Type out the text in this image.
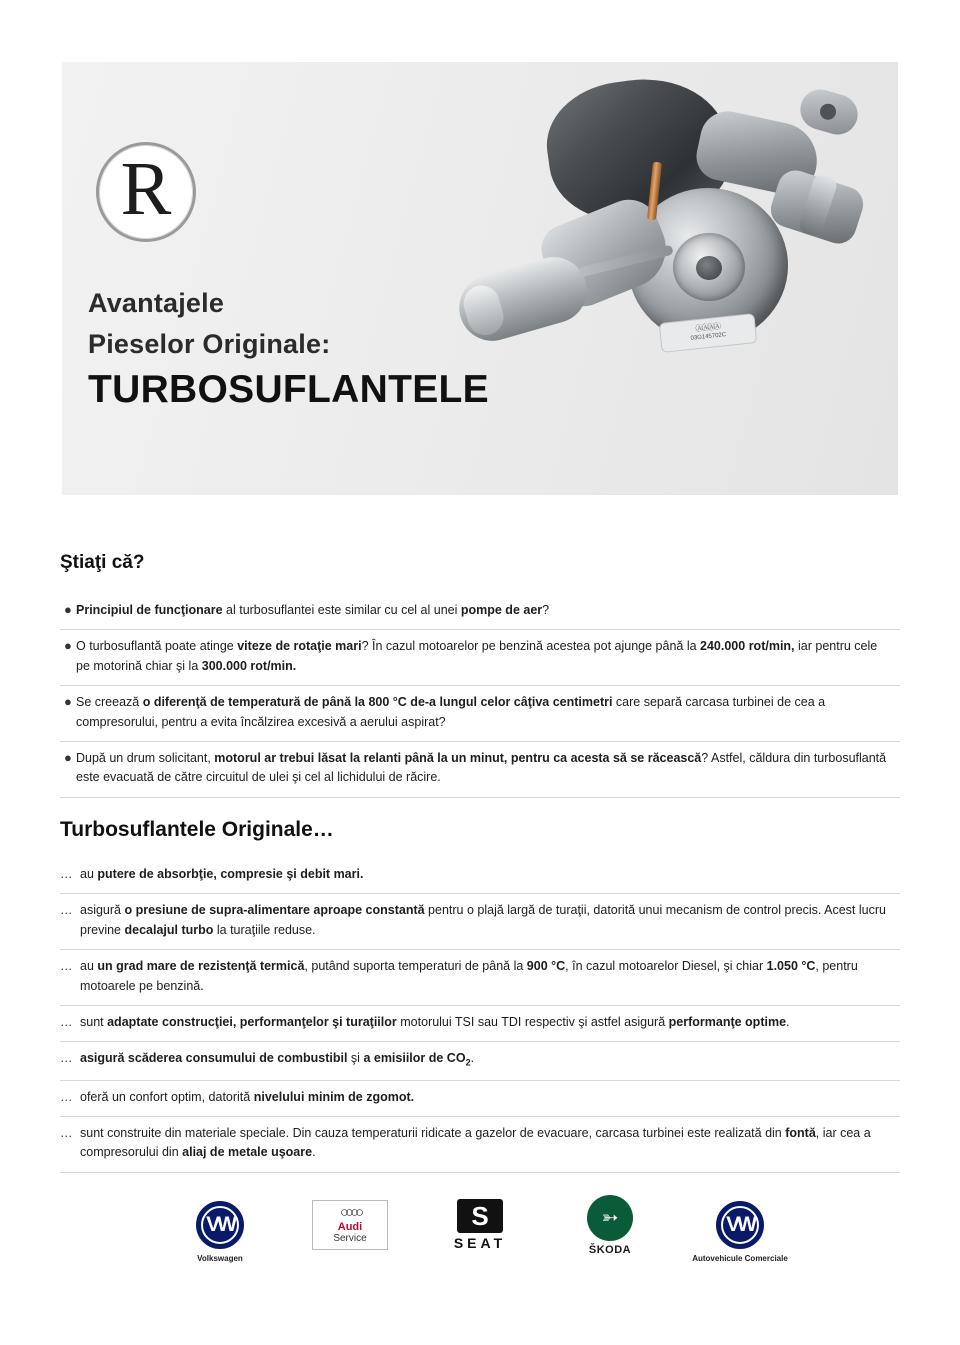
ⒶⒶⒶⒶ
03G145702C
R
Avantajele
Pieselor Originale:
TURBOSUFLANTELE
Ştiaţi că?
● Principiul de funcţionare al turbosuflantei este similar cu cel al unei pompe de aer?
● O turbosuflantă poate atinge viteze de rotaţie mari? În cazul motoarelor pe benzină acestea pot ajunge până la 240.000 rot/min, iar pentru cele pe motorină chiar şi la 300.000 rot/min.
● Se creează o diferenţă de temperatură de până la 800 °C de-a lungul celor câţiva centimetri care separă carcasa turbinei de cea a compresorului, pentru a evita încălzirea excesivă a aerului aspirat?
● După un drum solicitant, motorul ar trebui lăsat la relanti până la un minut, pentru ca acesta să se răcească? Astfel, căldura din turbosuflantă este evacuată de către circuitul de ulei şi cel al lichidului de răcire.
Turbosuflantele Originale…
… au putere de absorbţie, compresie şi debit mari.
… asigură o presiune de supra-alimentare aproape constantă pentru o plajă largă de turaţii, datorită unui mecanism de control precis. Acest lucru previne decalajul turbo la turaţiile reduse.
… au un grad mare de rezistenţă termică, putând suporta temperaturi de până la 900 °C, în cazul motoarelor Diesel, şi chiar 1.050 °C, pentru motoarele pe benzină.
… sunt adaptate construcţiei, performanţelor şi turaţiilor motorului TSI sau TDI respectiv şi astfel asigură performanţe optime.
… asigură scăderea consumului de combustibil şi a emisiilor de $CO_2$.
… oferă un confort optim, datorită nivelului minim de zgomot.
… sunt construite din materiale speciale. Din cauza temperaturii ridicate a gazelor de evacuare, carcasa turbinei este realizată din fontă, iar cea a compresorului din aliaj de metale uşoare.
VW
Volkswagen
○○○○
Audi
Service
S
SEAT
➳
ŠKODA
VW
Autovehicule Comerciale
